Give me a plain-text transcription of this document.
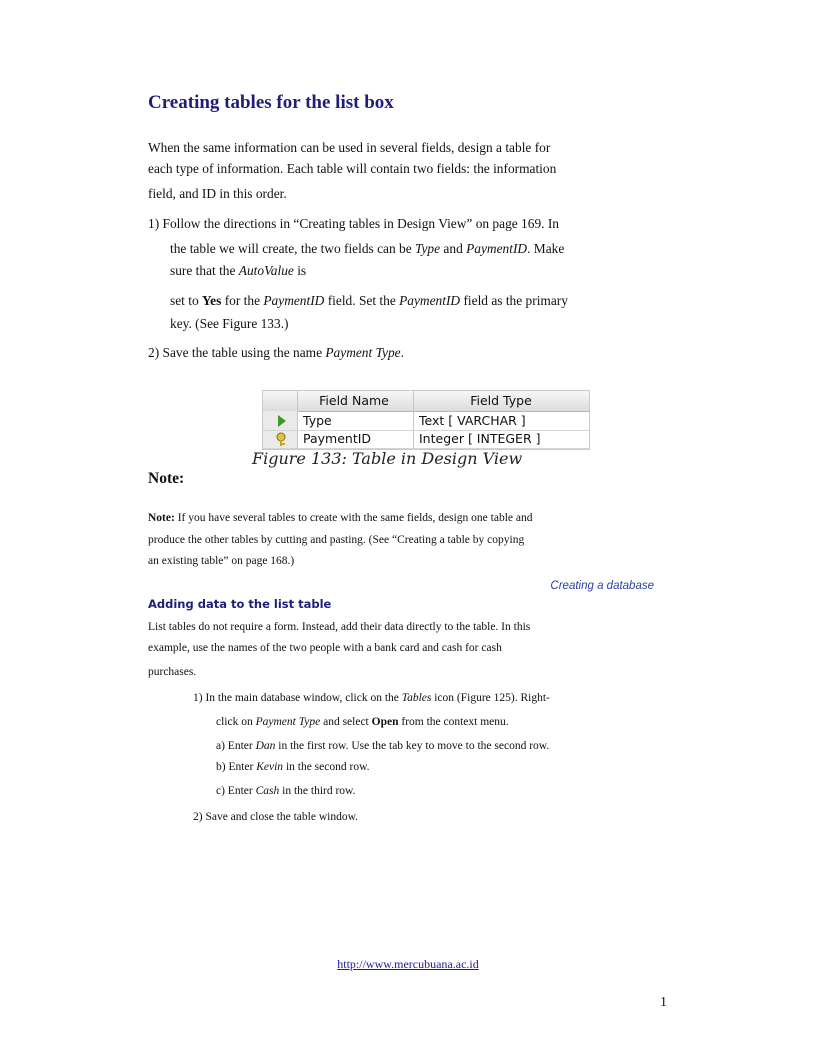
Creating tables for the list box
When the same information can be used in several fields, design a table for
each type of information. Each table will contain two fields: the information
field, and ID in this order.
1) Follow the directions in “Creating tables in Design View” on page 169. In
the table we will create, the two fields can be Type and PaymentID. Make
sure that the AutoValue is
set to Yes for the PaymentID field. Set the PaymentID field as the primary
key. (See Figure 133.)
2) Save the table using the name Payment Type.
Field Name	Field Type
Type	Text [ VARCHAR ]
PaymentID	Integer [ INTEGER ]
Figure 133: Table in Design View
Note:
Note: If you have several tables to create with the same fields, design one table and
produce the other tables by cutting and pasting. (See “Creating a table by copying
an existing table” on page 168.)
Creating a database
Adding data to the list table
List tables do not require a form. Instead, add their data directly to the table. In this
example, use the names of the two people with a bank card and cash for cash
purchases.
1) In the main database window, click on the Tables icon (Figure 125). Right-
click on Payment Type and select Open from the context menu.
a) Enter Dan in the first row. Use the tab key to move to the second row.
b) Enter Kevin in the second row.
c) Enter Cash in the third row.
2) Save and close the table window.
http://www.mercubuana.ac.id
1
